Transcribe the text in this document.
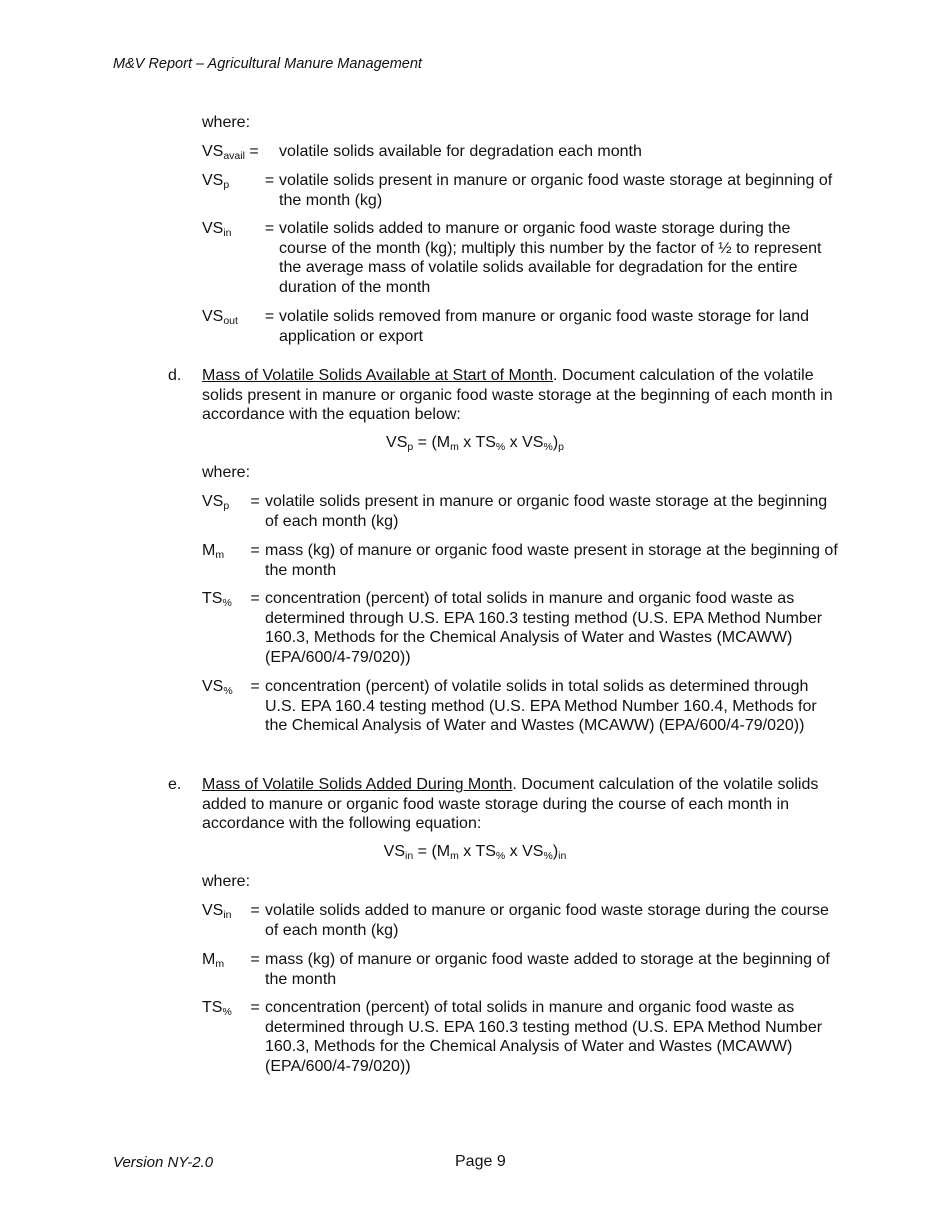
M&V Report – Agricultural Manure Management
where:
$VS_{avail}$ = volatile solids available for degradation each month
$VS_p$	= volatile solids present in manure or organic food waste storage at beginning of the month (kg)
$VS_{in}$	= volatile solids added to manure or organic food waste storage during the course of the month (kg); multiply this number by the factor of ½ to represent the average mass of volatile solids available for degradation for the entire duration of the month
$VS_{out}$	= volatile solids removed from manure or organic food waste storage for land application or export
d.	Mass of Volatile Solids Available at Start of Month. Document calculation of the volatile solids present in manure or organic food waste storage at the beginning of each month in accordance with the equation below:
$VS_p = (M_m$ x $TS_{\%}$ x $VS_{\%})_p$
where:
$VS_p$	= volatile solids present in manure or organic food waste storage at the beginning of each month (kg)
$M_m$	= mass (kg) of manure or organic food waste present in storage at the beginning of the month
$TS_{\%}$	= concentration (percent) of total solids in manure and organic food waste as determined through U.S. EPA 160.3 testing method (U.S. EPA Method Number 160.3, Methods for the Chemical Analysis of Water and Wastes (MCAWW) (EPA/600/4-79/020))
$VS_{\%}$	= concentration (percent) of volatile solids in total solids as determined through U.S. EPA 160.4 testing method (U.S. EPA Method Number 160.4, Methods for the Chemical Analysis of Water and Wastes (MCAWW) (EPA/600/4-79/020))
e.	Mass of Volatile Solids Added During Month. Document calculation of the volatile solids added to manure or organic food waste storage during the course of each month in accordance with the following equation:
$VS_{in} = (M_m$ x $TS_{\%}$ x $VS_{\%})_{in}$
where:
$VS_{in}$	= volatile solids added to manure or organic food waste storage during the course of each month (kg)
$M_m$	= mass (kg) of manure or organic food waste added to storage at the beginning of the month
$TS_{\%}$	= concentration (percent) of total solids in manure and organic food waste as determined through U.S. EPA 160.3 testing method (U.S. EPA Method Number 160.3, Methods for the Chemical Analysis of Water and Wastes (MCAWW) (EPA/600/4-79/020))
Version NY-2.0	Page 9
